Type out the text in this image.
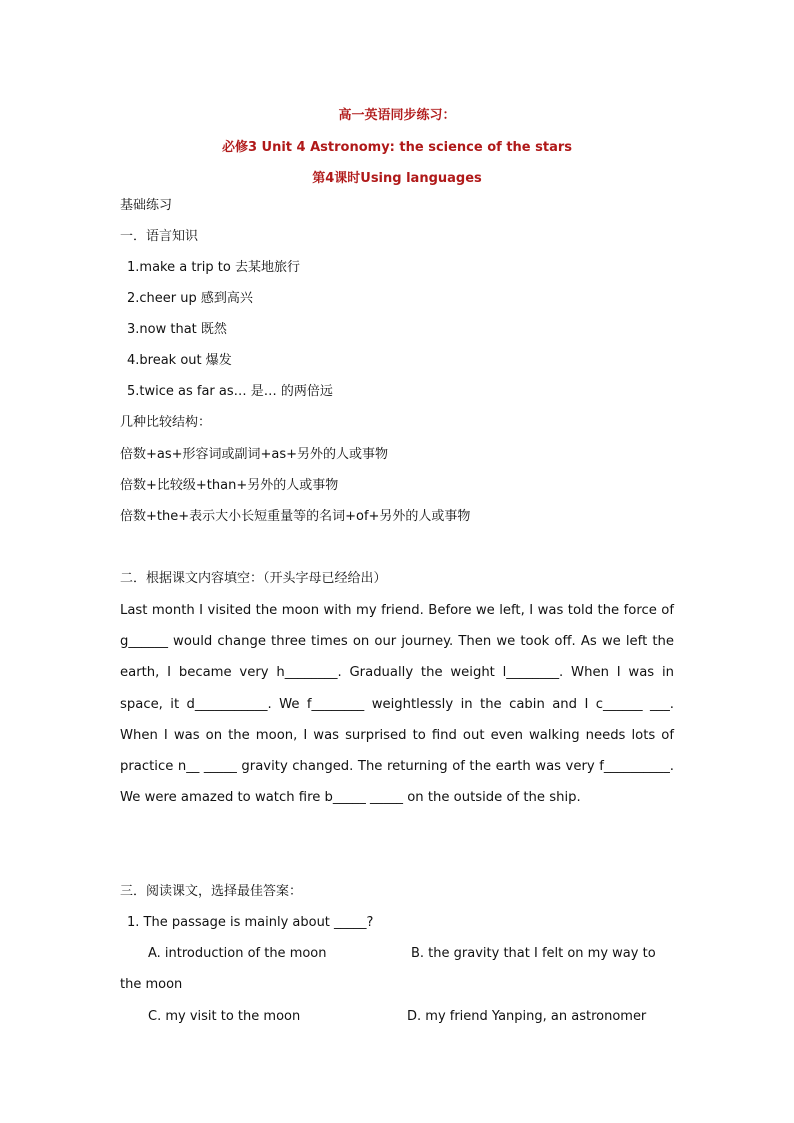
高一英语同步练习：
必修3 Unit 4 Astronomy: the science of the stars
第4课时Using languages
基础练习
一．语言知识
1.make a trip to 去某地旅行
2.cheer up 感到高兴
3.now that 既然
4.break out 爆发
5.twice as far as… 是… 的两倍远
几种比较结构：
倍数+as+形容词或副词+as+另外的人或事物
倍数+比较级+than+另外的人或事物
倍数+the+表示大小长短重量等的名词+of+另外的人或事物
二．根据课文内容填空：（开头字母已经给出）
Last month I visited the moon with my friend. Before we left, I was told the force of g______ would change three times on our journey. Then we took off. As we left the earth, I became very h________. Gradually the weight l________. When I was in space, it d___________. We f________ weightlessly in the cabin and I c______ ___. When I was on the moon, I was surprised to find out even walking needs lots of practice n__ _____ gravity changed. The returning of the earth was very f__________. We were amazed to watch fire b_____ _____ on the outside of the ship.
三．阅读课文，选择最佳答案：
1. The passage is mainly about _____?
A. introduction of the moon	B. the gravity that I felt on my way to
the moon
C. my visit to the moon	D. my friend Yanping, an astronomer
